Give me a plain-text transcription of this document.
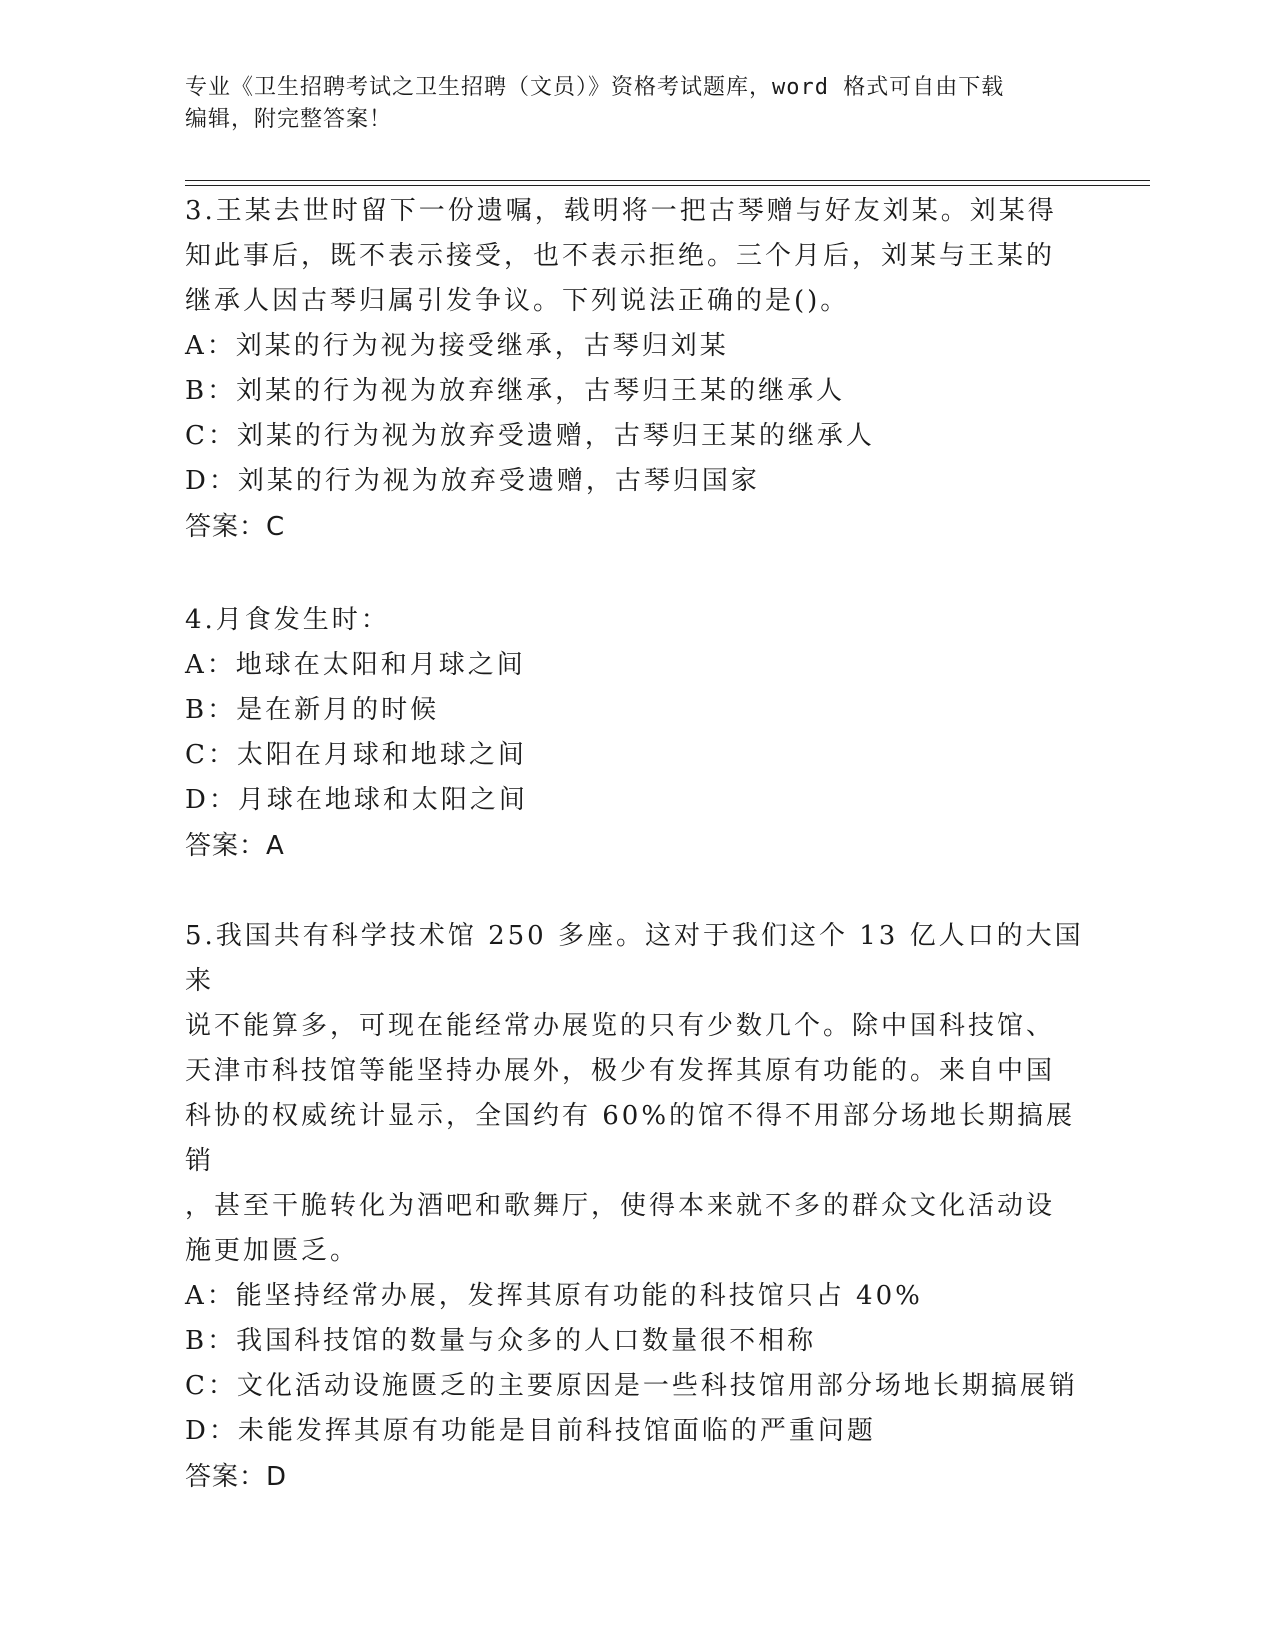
专业《卫生招聘考试之卫生招聘（文员）》资格考试题库，word 格式可自由下载
编辑，附完整答案！
3.王某去世时留下一份遗嘱，载明将一把古琴赠与好友刘某。刘某得
知此事后，既不表示接受，也不表示拒绝。三个月后，刘某与王某的
继承人因古琴归属引发争议。下列说法正确的是()。
A：刘某的行为视为接受继承，古琴归刘某
B：刘某的行为视为放弃继承，古琴归王某的继承人
C：刘某的行为视为放弃受遗赠，古琴归王某的继承人
D：刘某的行为视为放弃受遗赠，古琴归国家
答案：C
4.月食发生时：
A：地球在太阳和月球之间
B：是在新月的时候
C：太阳在月球和地球之间
D：月球在地球和太阳之间
答案：A
5.我国共有科学技术馆 250 多座。这对于我们这个 13 亿人口的大国来
说不能算多，可现在能经常办展览的只有少数几个。除中国科技馆、
天津市科技馆等能坚持办展外，极少有发挥其原有功能的。来自中国
科协的权威统计显示，全国约有 60%的馆不得不用部分场地长期搞展销
，甚至干脆转化为酒吧和歌舞厅，使得本来就不多的群众文化活动设
施更加匮乏。
A：能坚持经常办展，发挥其原有功能的科技馆只占 40%
B：我国科技馆的数量与众多的人口数量很不相称
C：文化活动设施匮乏的主要原因是一些科技馆用部分场地长期搞展销
D：未能发挥其原有功能是目前科技馆面临的严重问题
答案：D
